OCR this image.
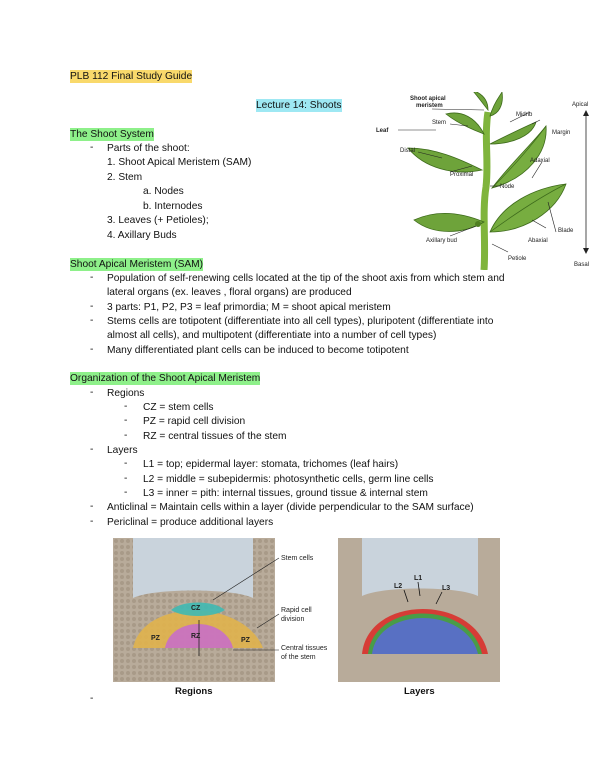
PLB 112 Final Study Guide
Lecture 14: Shoots
The Shoot System
- Parts of the shoot:
1. Shoot Apical Meristem (SAM)
2. Stem
a. Nodes
b. Internodes
3. Leaves (+ Petioles);
4. Axillary Buds
Shoot apical
meristem
Stem
Leaf
Distal
Proximal
Node
Axillary bud
Petiole
Midrib
Margin
Adaxial
Blade
Abaxial
Apical
Basal
Shoot Apical Meristem (SAM)
- Population of self-renewing cells located at the tip of the shoot axis from which stem and
lateral organs (ex. leaves , floral organs) are produced
- 3 parts: P1, P2, P3 = leaf primordia; M = shoot apical meristem
- Stems cells are totipotent (differentiate into all cell types), pluripotent (differentiate into
almost all cells), and multipotent (differentiate into a number of cell types)
- Many differentiated plant cells can be induced to become totipotent
Organization of the Shoot Apical Meristem
- Regions
- CZ = stem cells
- PZ = rapid cell division
- RZ = central tissues of the stem
- Layers
- L1 = top; epidermal layer: stomata, trichomes (leaf hairs)
- L2 = middle = subepidermis: photosynthetic cells, germ line cells
- L3 = inner = pith: internal tissues, ground tissue & internal stem
- Anticlinal = Maintain cells within a layer (divide perpendicular to the SAM surface)
- Periclinal = produce additional layers
CZ
PZ	PZ
RZ
Stem cells
Rapid cell
division
Central tissues
of the stem
L1
L2	L3
Regions	Layers
-
